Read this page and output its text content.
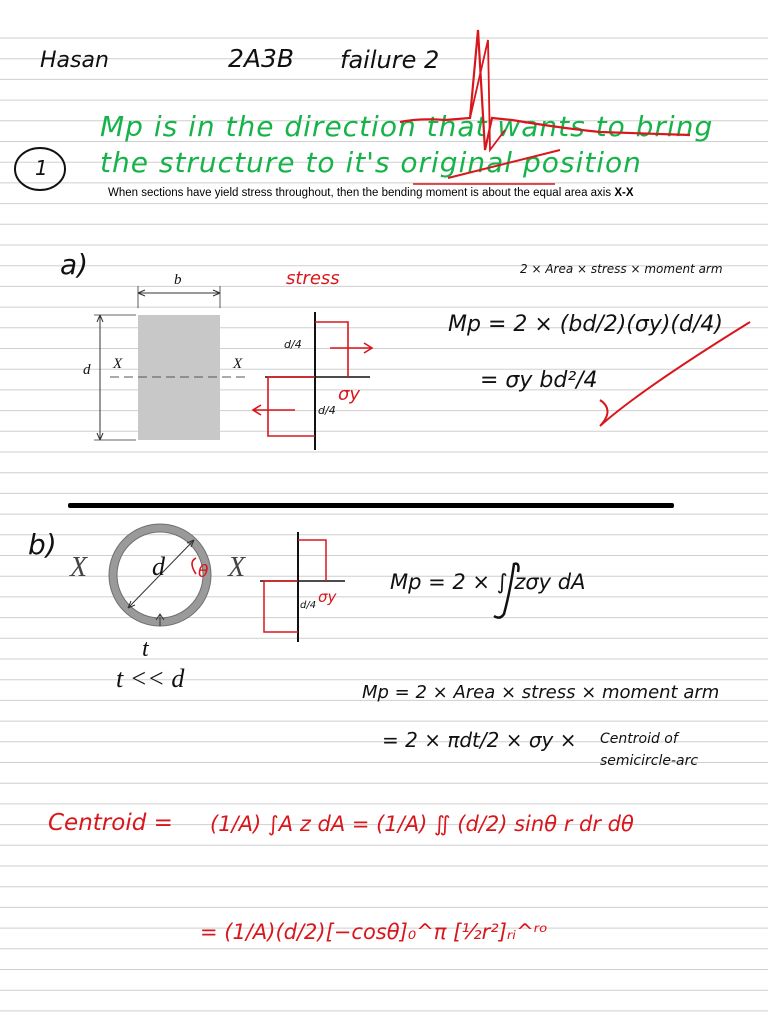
Hasan	2A3B failure 2
1
Mp is in the direction that wants to bring
the structure to it's original position
When sections have yield stress throughout, then the bending moment is about the equal area axis X-X
a)	b
d X	X
stress
d/4
d/4
σy
2 × Area × stress × moment arm
Mp = 2 × (bd/2)(σy)(d/4)
= σy bd²/4
b)
X	X
d θ
t
t << d
d/4 σy
Mp = 2 × ∫ zσy dA
Mp = 2 × Area × stress × moment arm
= 2 × πdt/2 × σy × Centroid of semicircle-arc
Centroid = (1/A) ∫A z dA = (1/A) ∬ (d/2) sinθ r dr dθ
= (1/A)(d/2)[−cosθ]₀^π [½r²]ᵣᵢ^ʳᵒ
